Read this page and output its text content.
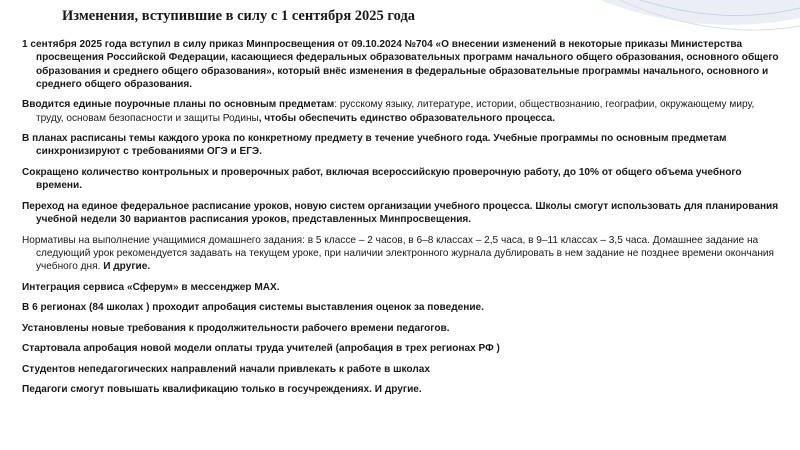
Изменения, вступившие в силу с 1 сентября 2025 года

1 сентября 2025 года вступил в силу приказ Минпросвещения от 09.10.2024 №704 «О внесении изменений в некоторые приказы Министерства просвещения Российской Федерации, касающиеся федеральных образовательных программ начального общего образования, основного общего образования и среднего общего образования», который внёс изменения в федеральные образовательные программы начального, основного и среднего общего образования.

Вводится единые поурочные планы по основным предметам: русскому языку, литературе, истории, обществознанию, географии, окружающему миру, труду, основам безопасности и защиты Родины, чтобы обеспечить единство образовательного процесса.

В планах расписаны темы каждого урока по конкретному предмету в течение учебного года. Учебные программы по основным предметам синхронизируют с требованиями ОГЭ и ЕГЭ.

Сокращено количество контрольных и проверочных работ, включая всероссийскую проверочную работу, до 10% от общего объема учебного времени.

Переход на единое федеральное расписание уроков, новую систем организации учебного процесса. Школы смогут использовать для планирования учебной недели 30 вариантов расписания уроков, представленных Минпросвещения.

Нормативы на выполнение учащимися домашнего задания: в 5 классе – 2 часов, в 6–8 классах – 2,5 часа, в 9–11 классах – 3,5 часа. Домашнее задание на следующий урок рекомендуется задавать на текущем уроке, при наличии электронного журнала дублировать в нем задание не позднее времени окончания учебного дня. И другие.

Интеграция сервиса «Сферум» в мессенджер MAX.

В 6 регионах (84 школах ) проходит апробация системы выставления оценок за поведение.

Установлены новые требования к продолжительности рабочего времени педагогов.

Стартовала апробация новой модели оплаты труда учителей (апробация в трех регионах РФ )

Студентов непедагогических направлений начали привлекать к работе в школах

Педагоги смогут повышать квалификацию только в госучреждениях. И другие.
